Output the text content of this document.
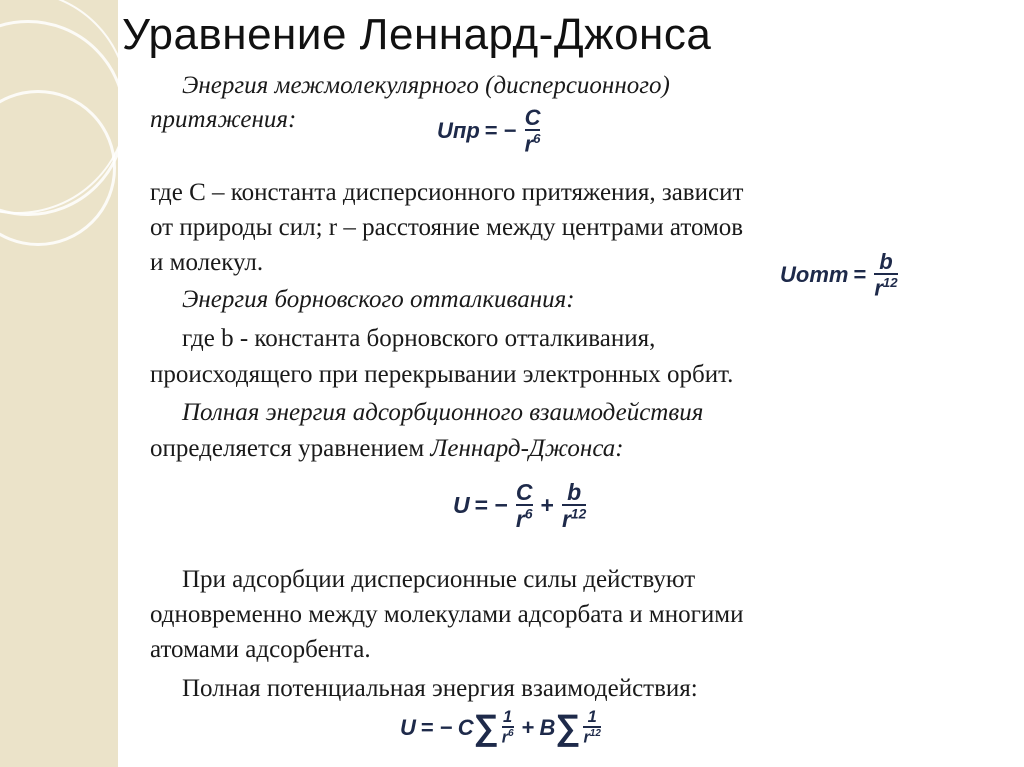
Уравнение Леннард-Джонса
Энергия межмолекулярного (дисперсионного)
притяжения:	Uпр = − $\frac{C}{r^6}$
где C – константа дисперсионного притяжения, зависит
от природы сил; r – расстояние между центрами атомов
и молекул.
Энергия борновского отталкивания:
Uотт = $\frac{b}{r^{12}}$
где b - константа борновского отталкивания,
происходящего при перекрывании электронных орбит.
Полная энергия адсорбционного взаимодействия
определяется уравнением Леннард-Джонса:
U = − $\frac{C}{r^6} + \frac{b}{r^{12}}$
При адсорбции дисперсионные силы действуют
одновременно между молекулами адсорбата и многими
атомами адсорбента.
Полная потенциальная энергия взаимодействия:
U = − C ∑ $\frac{1}{r^6} + B$ ∑ $\frac{1}{r^{12}}$
